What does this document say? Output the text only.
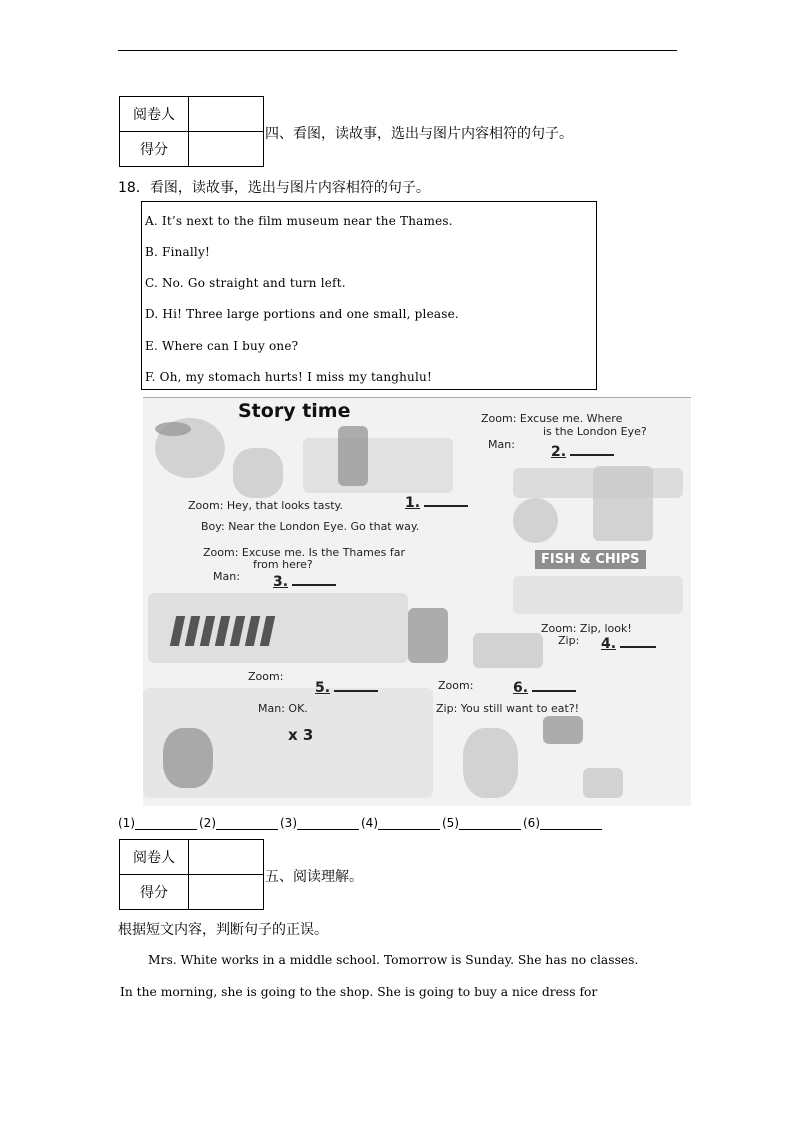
阅卷人	
得分	
四、看图，读故事，选出与图片内容相符的句子。
18．看图，读故事，选出与图片内容相符的句子。
A. It’s next to the film museum near the Thames.
B. Finally!
C. No. Go straight and turn left.
D. Hi! Three large portions and one small, please.
E. Where can I buy one?
F. Oh, my stomach hurts! I miss my tanghulu!
FISH & CHIPS
Story time	Zoom: Excuse me. Where
is the London Eye?
Man:	2.
Zoom: Hey, that looks tasty.	1.
Boy: Near the London Eye. Go that way.
Zoom: Excuse me. Is the Thames far
from here?
Man: 3.
Zoom: Zip, look!
Zip: 4.
Zoom:
5.
Man: OK.
x 3
Zoom:	6.
Zip: You still want to eat?!
(1)	(2)	(3)	(4)	(5)	(6)
阅卷人	
得分	
五、阅读理解。
根据短文内容，判断句子的正误。
Mrs. White works in a middle school. Tomorrow is Sunday. She has no classes.
In the morning, she is going to the shop. She is going to buy a nice dress for
